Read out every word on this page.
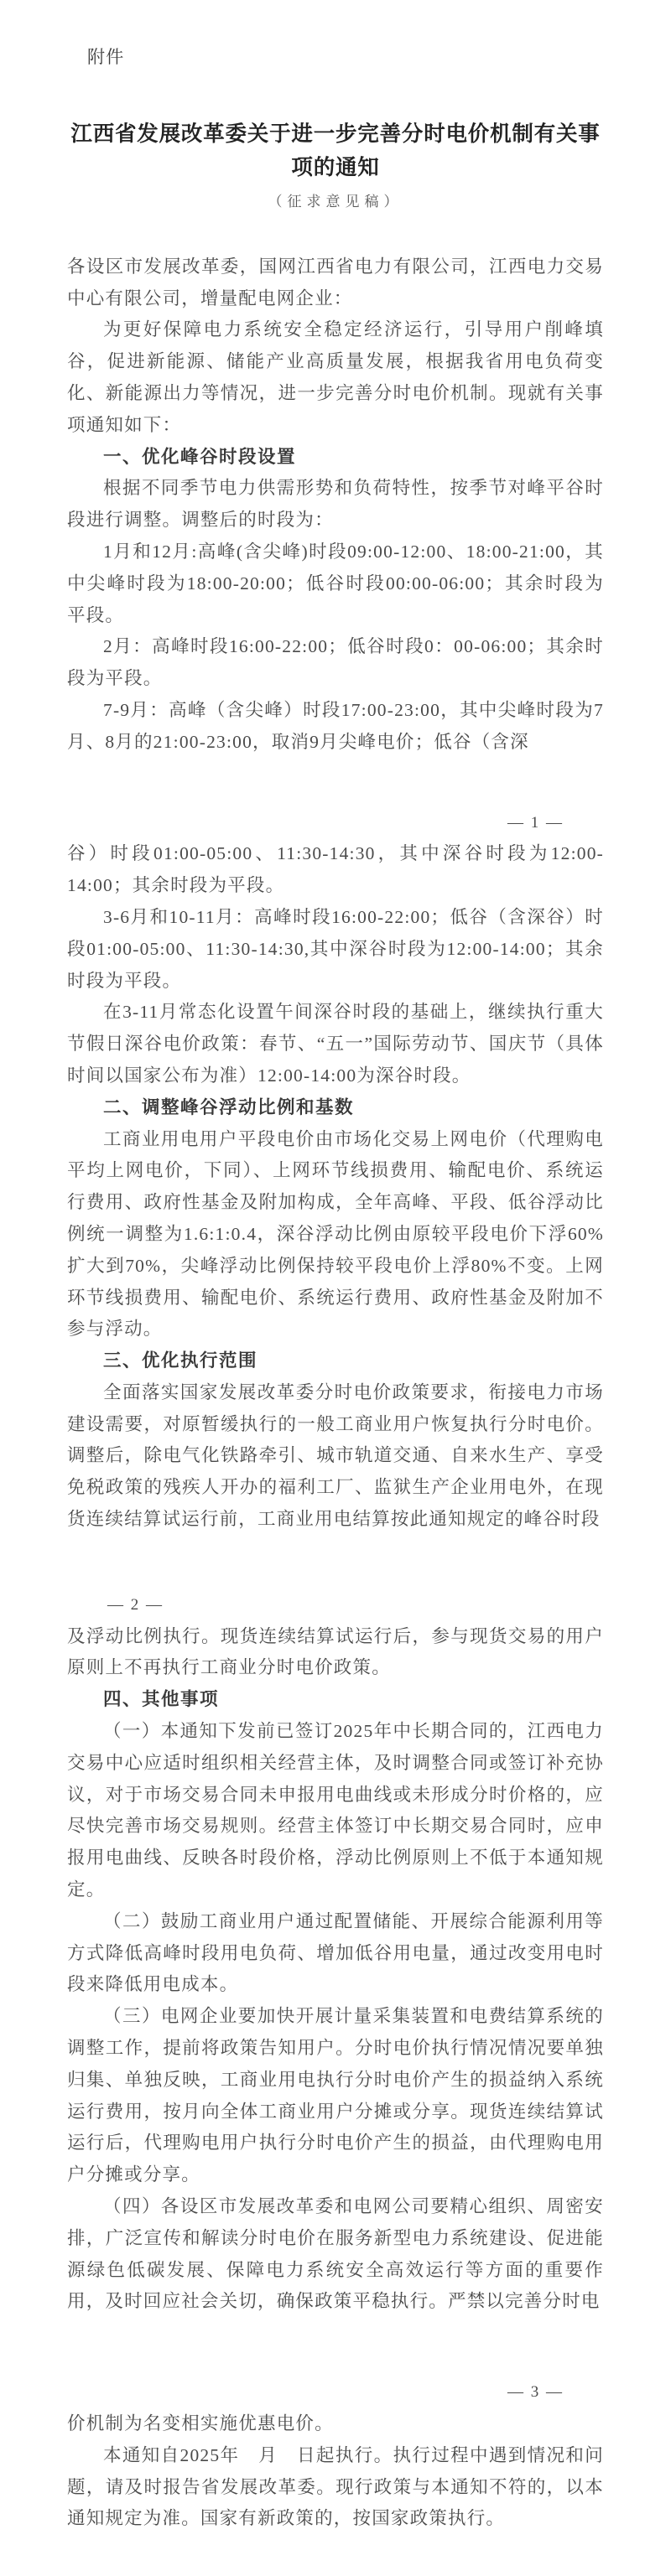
附件
江西省发展改革委关于进一步完善分时电价机制有关事项的通知
（征求意见稿）
各设区市发展改革委，国网江西省电力有限公司，江西电力交易中心有限公司，增量配电网企业：
为更好保障电力系统安全稳定经济运行，引导用户削峰填谷，促进新能源、储能产业高质量发展，根据我省用电负荷变化、新能源出力等情况，进一步完善分时电价机制。现就有关事项通知如下：
一、优化峰谷时段设置
根据不同季节电力供需形势和负荷特性，按季节对峰平谷时段进行调整。调整后的时段为：
1月和12月:高峰(含尖峰)时段09:00-12:00、18:00-21:00，其中尖峰时段为18:00-20:00；低谷时段00:00-06:00；其余时段为平段。
2月：高峰时段16:00-22:00；低谷时段0：00-06:00；其余时段为平段。
7-9月：高峰（含尖峰）时段17:00-23:00，其中尖峰时段为7月、8月的21:00-23:00，取消9月尖峰电价；低谷（含深
— 1 —
谷）时段01:00-05:00、11:30-14:30，其中深谷时段为12:00-14:00；其余时段为平段。
3-6月和10-11月：高峰时段16:00-22:00；低谷（含深谷）时段01:00-05:00、11:30-14:30,其中深谷时段为12:00-14:00；其余时段为平段。
在3-11月常态化设置午间深谷时段的基础上，继续执行重大节假日深谷电价政策：春节、“五一”国际劳动节、国庆节（具体时间以国家公布为准）12:00-14:00为深谷时段。
二、调整峰谷浮动比例和基数
工商业用电用户平段电价由市场化交易上网电价（代理购电平均上网电价，下同）、上网环节线损费用、输配电价、系统运行费用、政府性基金及附加构成，全年高峰、平段、低谷浮动比例统一调整为1.6:1:0.4，深谷浮动比例由原较平段电价下浮60%扩大到70%，尖峰浮动比例保持较平段电价上浮80%不变。上网环节线损费用、输配电价、系统运行费用、政府性基金及附加不参与浮动。
三、优化执行范围
全面落实国家发展改革委分时电价政策要求，衔接电力市场建设需要，对原暂缓执行的一般工商业用户恢复执行分时电价。调整后，除电气化铁路牵引、城市轨道交通、自来水生产、享受免税政策的残疾人开办的福利工厂、监狱生产企业用电外，在现货连续结算试运行前，工商业用电结算按此通知规定的峰谷时段
— 2 —
及浮动比例执行。现货连续结算试运行后，参与现货交易的用户原则上不再执行工商业分时电价政策。
四、其他事项
（一）本通知下发前已签订2025年中长期合同的，江西电力交易中心应适时组织相关经营主体，及时调整合同或签订补充协议，对于市场交易合同未申报用电曲线或未形成分时价格的，应尽快完善市场交易规则。经营主体签订中长期交易合同时，应申报用电曲线、反映各时段价格，浮动比例原则上不低于本通知规定。
（二）鼓励工商业用户通过配置储能、开展综合能源利用等方式降低高峰时段用电负荷、增加低谷用电量，通过改变用电时段来降低用电成本。
（三）电网企业要加快开展计量采集装置和电费结算系统的调整工作，提前将政策告知用户。分时电价执行情况情况要单独归集、单独反映，工商业用电执行分时电价产生的损益纳入系统运行费用，按月向全体工商业用户分摊或分享。现货连续结算试运行后，代理购电用户执行分时电价产生的损益，由代理购电用户分摊或分享。
（四）各设区市发展改革委和电网公司要精心组织、周密安排，广泛宣传和解读分时电价在服务新型电力系统建设、促进能源绿色低碳发展、保障电力系统安全高效运行等方面的重要作用，及时回应社会关切，确保政策平稳执行。严禁以完善分时电
— 3 —
价机制为名变相实施优惠电价。
本通知自2025年　月　日起执行。执行过程中遇到情况和问题，请及时报告省发展改革委。现行政策与本通知不符的，以本通知规定为准。国家有新政策的，按国家政策执行。
